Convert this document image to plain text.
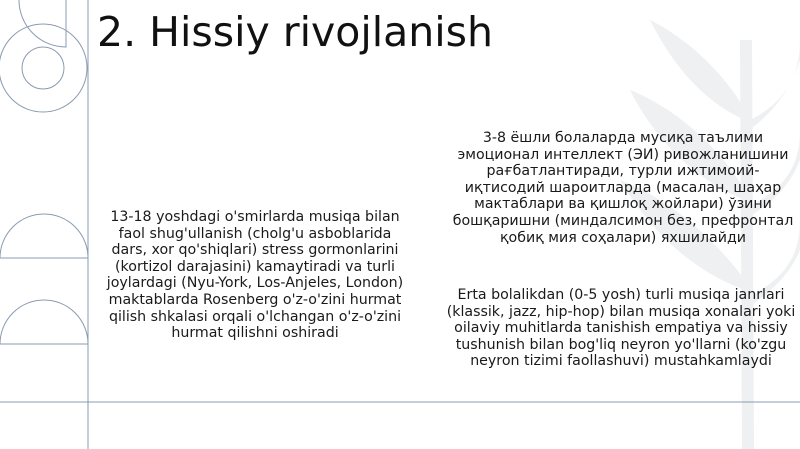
2. Hissiy rivojlanish

13-18 yoshdagi o'smirlarda musiqa bilan faol shug'ullanish (cholg'u asboblarida dars, xor qo'shiqlari) stress gormonlarini (kortizol darajasini) kamaytiradi va turli joylardagi (Nyu-York, Los-Anjeles, London) maktablarda Rosenberg o'z-o'zini hurmat qilish shkalasi orqali o'lchangan o'z-o'zini hurmat qilishni oshiradi

3-8 ёшли болаларда мусиқа таълими эмоционал интеллект (ЭИ) ривожланишини рағбатлантиради, турли ижтимоий-иқтисодий шароитларда (масалан, шаҳар мактаблари ва қишлоқ жойлари) ўзини бошқаришни (миндалсимон без, префронтал қобиқ мия соҳалари) яхшилайди

Erta bolalikdan (0-5 yosh) turli musiqa janrlari (klassik, jazz, hip-hop) bilan musiqa xonalari yoki oilaviy muhitlarda tanishish empatiya va hissiy tushunish bilan bog'liq neyron yo'llarni (ko'zgu neyron tizimi faollashuvi) mustahkamlaydi
